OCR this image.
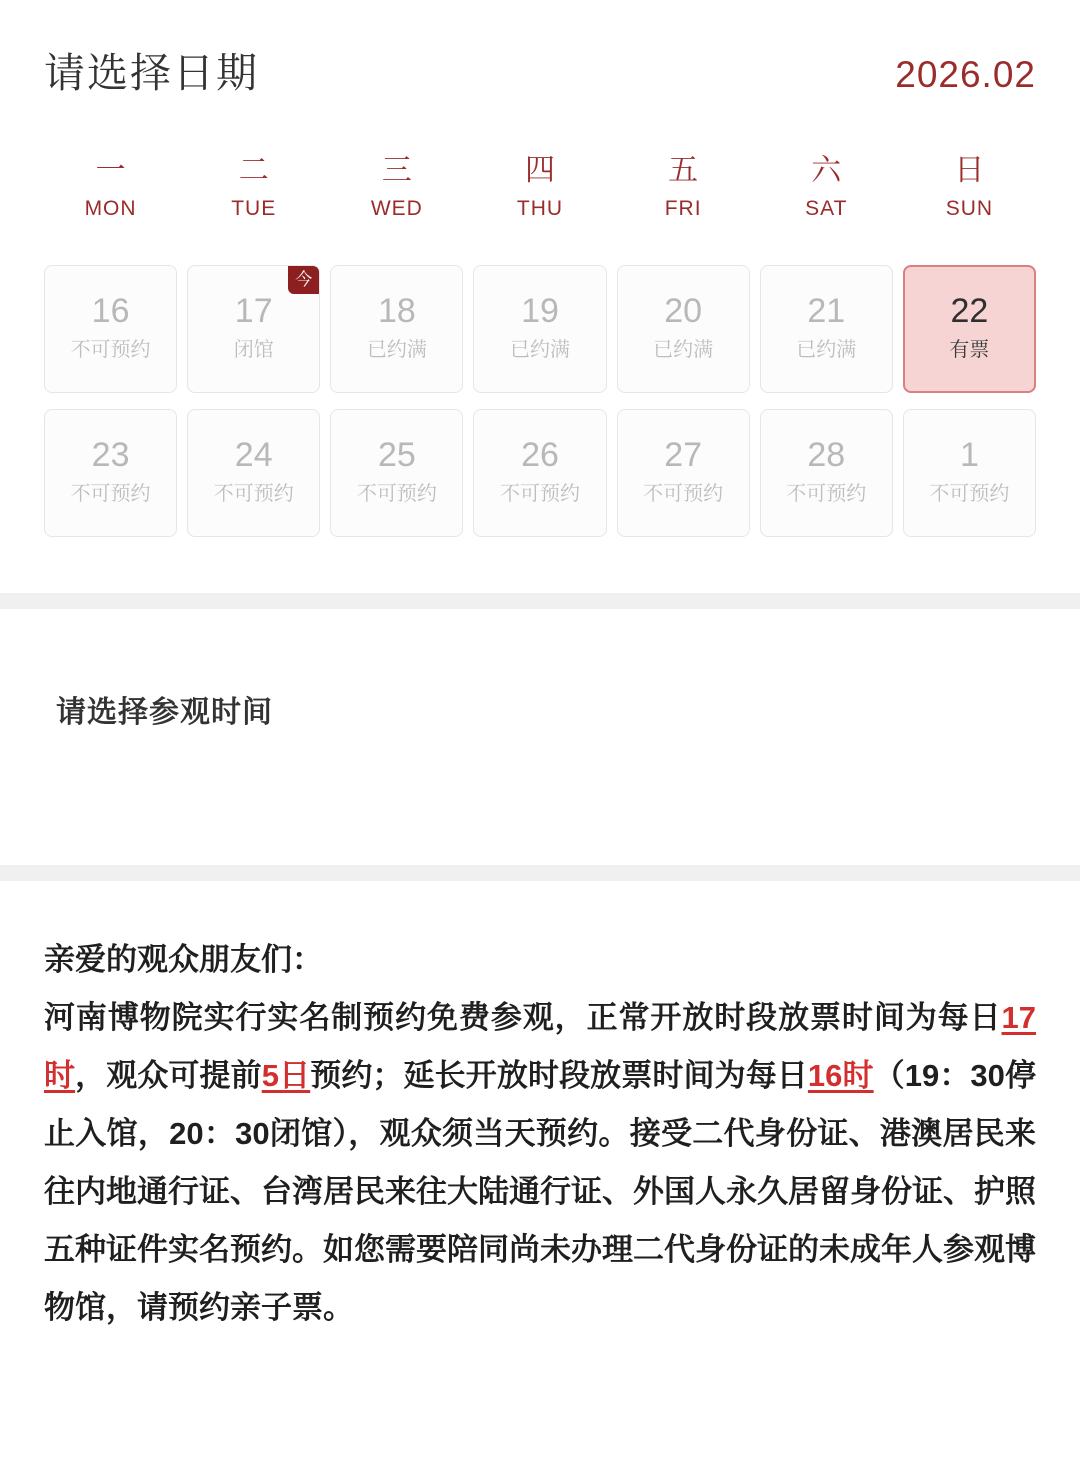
请选择日期	2026.02
一
MON
二
TUE
三
WED
四
THU
五
FRI
六
SAT
日
SUN
16
不可预约
今
17
闭馆
18
已约满
19
已约满
20
已约满
21
已约满
22
有票
23
不可预约
24
不可预约
25
不可预约
26
不可预约
27
不可预约
28
不可预约
1
不可预约
请选择参观时间
亲爱的观众朋友们：
河南博物院实行实名制预约免费参观，正常开放时段放票时间为每日17时，观众可提前5日预约；延长开放时段放票时间为每日16时（19：30停止入馆，20：30闭馆），观众须当天预约。接受二代身份证、港澳居民来往内地通行证、台湾居民来往大陆通行证、外国人永久居留身份证、护照五种证件实名预约。如您需要陪同尚未办理二代身份证的未成年人参观博物馆，请预约亲子票。
